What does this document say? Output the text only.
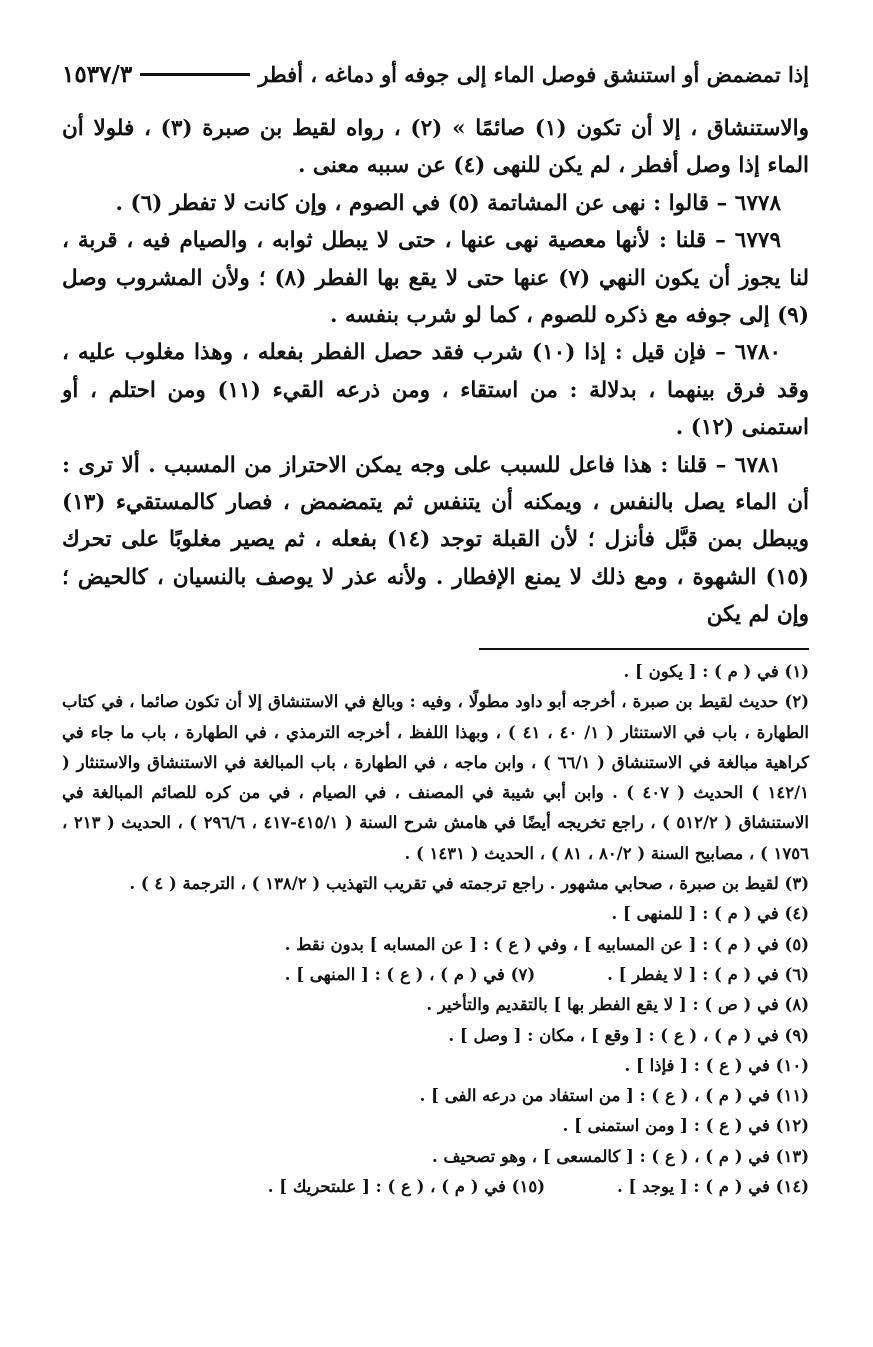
إذا تمضمض أو استنشق فوصل الماء إلى جوفه أو دماغه ، أفطر
١٥٣٧/٣

والاستنشاق ، إلا أن تكون (١) صائمًا » (٢) ، رواه لقيط بن صبرة (٣) ، فلولا أن الماء إذا وصل أفطر ، لم يكن للنهى (٤) عن سببه معنى .

٦٧٧٨ – قالوا : نهى عن المشاتمة (٥) في الصوم ، وإن كانت لا تفطر (٦) .

٦٧٧٩ – قلنا : لأنها معصية نهى عنها ، حتى لا يبطل ثوابه ، والصيام فيه ، قربة ، لنا يجوز أن يكون النهي (٧) عنها حتى لا يقع بها الفطر (٨) ؛ ولأن المشروب وصل (٩) إلى جوفه مع ذكره للصوم ، كما لو شرب بنفسه .

٦٧٨٠ – فإن قيل : إذا (١٠) شرب فقد حصل الفطر بفعله ، وهذا مغلوب عليه ، وقد فرق بينهما ، بدلالة : من استقاء ، ومن ذرعه القيء (١١) ومن احتلم ، أو استمنى (١٢) .

٦٧٨١ – قلنا : هذا فاعل للسبب على وجه يمكن الاحتراز من المسبب . ألا ترى : أن الماء يصل بالنفس ، ويمكنه أن يتنفس ثم يتمضمض ، فصار كالمستقيء (١٣) ويبطل بمن قبَّل فأنزل ؛ لأن القبلة توجد (١٤) بفعله ، ثم يصير مغلوبًا على تحرك (١٥) الشهوة ، ومع ذلك لا يمنع الإفطار . ولأنه عذر لا يوصف بالنسيان ، كالحيض ؛ وإن لم يكن

(١) في ( م ) : [ يكون ] .

(٢) حديث لقيط بن صبرة ، أخرجه أبو داود مطولًا ، وفيه : وبالغ في الاستنشاق إلا أن تكون صائما ، في كتاب الطهارة ، باب في الاستنثار ( ١/ ٤٠ ، ٤١ ) ، وبهذا اللفظ ، أخرجه الترمذي ، في الطهارة ، باب ما جاء في كراهية مبالغة في الاستنشاق ( ٦٦/١ ) ، وابن ماجه ، في الطهارة ، باب المبالغة في الاستنشاق والاستنثار ( ١٤٢/١ ) الحديث ( ٤٠٧ ) . وابن أبي شيبة في المصنف ، في الصيام ، في من كره للصائم المبالغة في الاستنشاق ( ٥١٢/٢ ) ، راجع تخريجه أيضًا في هامش شرح السنة ( ٤١٥/١-٤١٧ ، ٢٩٦/٦ ) ، الحديث ( ٢١٣ ، ١٧٥٦ ) ، مصابيح السنة ( ٨٠/٢ ، ٨١ ) ، الحديث ( ١٤٣١ ) .

(٣) لقيط بن صبرة ، صحابي مشهور . راجع ترجمته في تقريب التهذيب ( ١٣٨/٢ ) ، الترجمة ( ٤ ) .

(٤) في ( م ) : [ للمنهى ] .

(٥) في ( م ) : [ عن المسابيه ] ، وفي ( ع ) : [ عن المسابه ] بدون نقط .

(٦) في ( م ) : [ لا يفطر ] .
(٧) في ( م ) ، ( ع ) : [ المنهى ] .

(٨) في ( ص ) : [ لا يقع الفطر بها ] بالتقديم والتأخير .

(٩) في ( م ) ، ( ع ) : [ وقع ] ، مكان : [ وصل ] .

(١٠) في ( ع ) : [ فإذا ] .

(١١) في ( م ) ، ( ع ) : [ من استفاد من درعه الفى ] .

(١٢) في ( ع ) : [ ومن استمنى ] .

(١٣) في ( م ) ، ( ع ) : [ كالمسعى ] ، وهو تصحيف .

(١٤) في ( م ) : [ يوجد ] .
(١٥) في ( م ) ، ( ع ) : [ علىتحريك ] .
